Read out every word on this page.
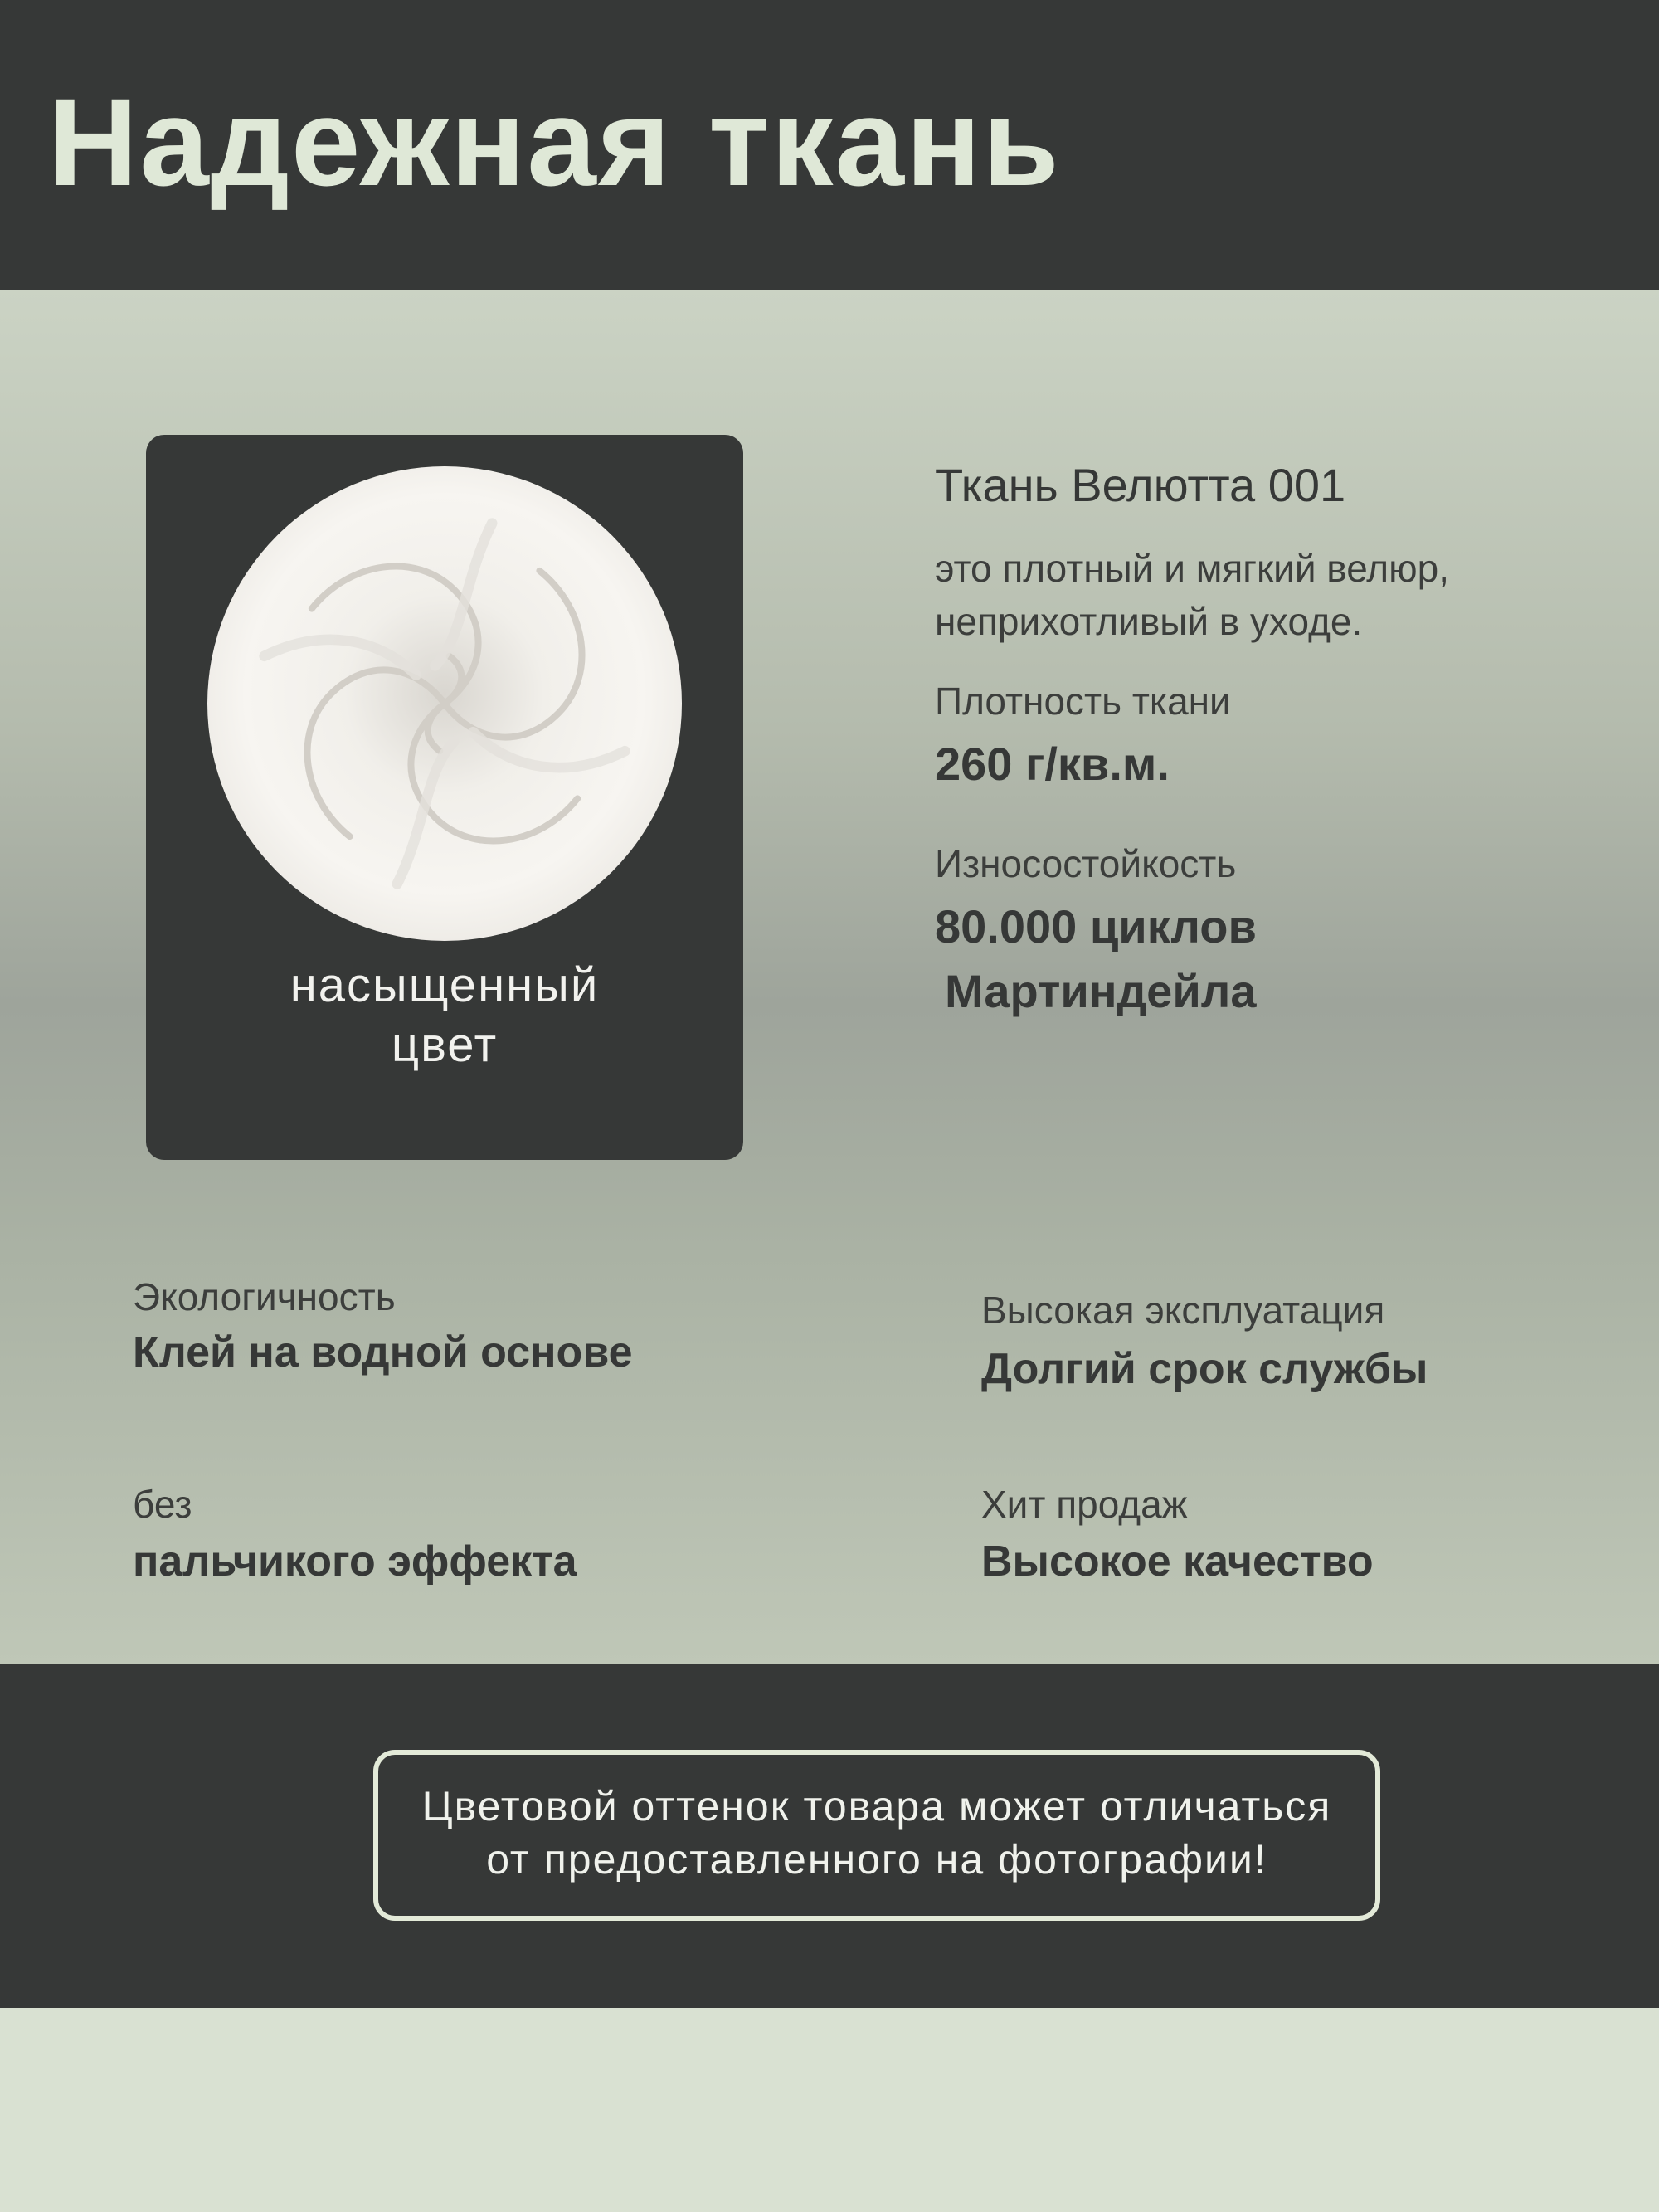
Надежная ткань
насыщенный
цвет
Ткань Велютта 001
это плотный и мягкий велюр,
неприхотливый в уходе.
Плотность ткани
260 г/кв.м.
Износостойкость
80.000 циклов
Мартиндейла
Экологичность
Клей на водной основе
Высокая эксплуатация
Долгий срок службы
без
пальчикого эффекта
Хит продаж
Высокое качество
Цветовой оттенок товара может отличаться
от предоставленного на фотографии!
